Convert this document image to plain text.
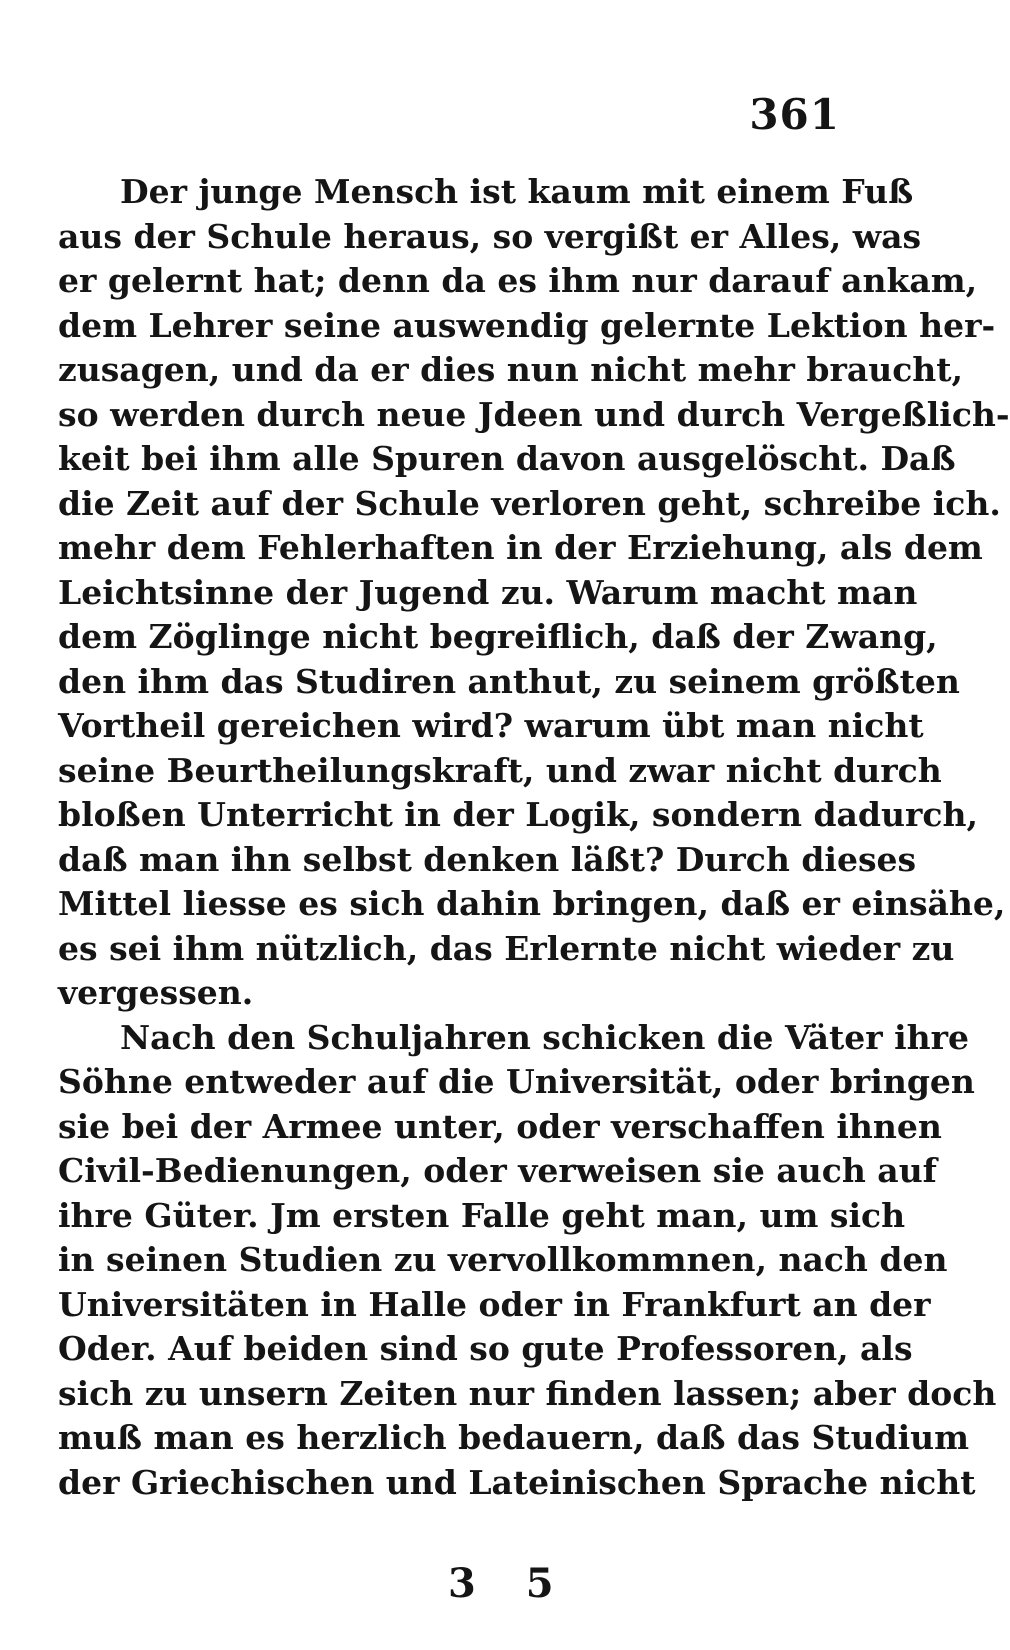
361
Der junge Mensch ist kaum mit einem Fuß
aus der Schule heraus, so vergißt er Alles, was
er gelernt hat; denn da es ihm nur darauf ankam,
dem Lehrer seine auswendig gelernte Lektion her-
zusagen, und da er dies nun nicht mehr braucht,
so werden durch neue Jdeen und durch Vergeßlich-
keit bei ihm alle Spuren davon ausgelöscht. Daß
die Zeit auf der Schule verloren geht, schreibe ich.
mehr dem Fehlerhaften in der Erziehung, als dem
Leichtsinne der Jugend zu. Warum macht man
dem Zöglinge nicht begreiflich, daß der Zwang,
den ihm das Studiren anthut, zu seinem größten
Vortheil gereichen wird? warum übt man nicht
seine Beurtheilungskraft, und zwar nicht durch
bloßen Unterricht in der Logik, sondern dadurch,
daß man ihn selbst denken läßt? Durch dieses
Mittel liesse es sich dahin bringen, daß er einsähe,
es sei ihm nützlich, das Erlernte nicht wieder zu
vergessen.
Nach den Schuljahren schicken die Väter ihre
Söhne entweder auf die Universität, oder bringen
sie bei der Armee unter, oder verschaffen ihnen
Civil-Bedienungen, oder verweisen sie auch auf
ihre Güter. Jm ersten Falle geht man, um sich
in seinen Studien zu vervollkommnen, nach den
Universitäten in Halle oder in Frankfurt an der
Oder. Auf beiden sind so gute Professoren, als
sich zu unsern Zeiten nur finden lassen; aber doch
muß man es herzlich bedauern, daß das Studium
der Griechischen und Lateinischen Sprache nicht
3 5
